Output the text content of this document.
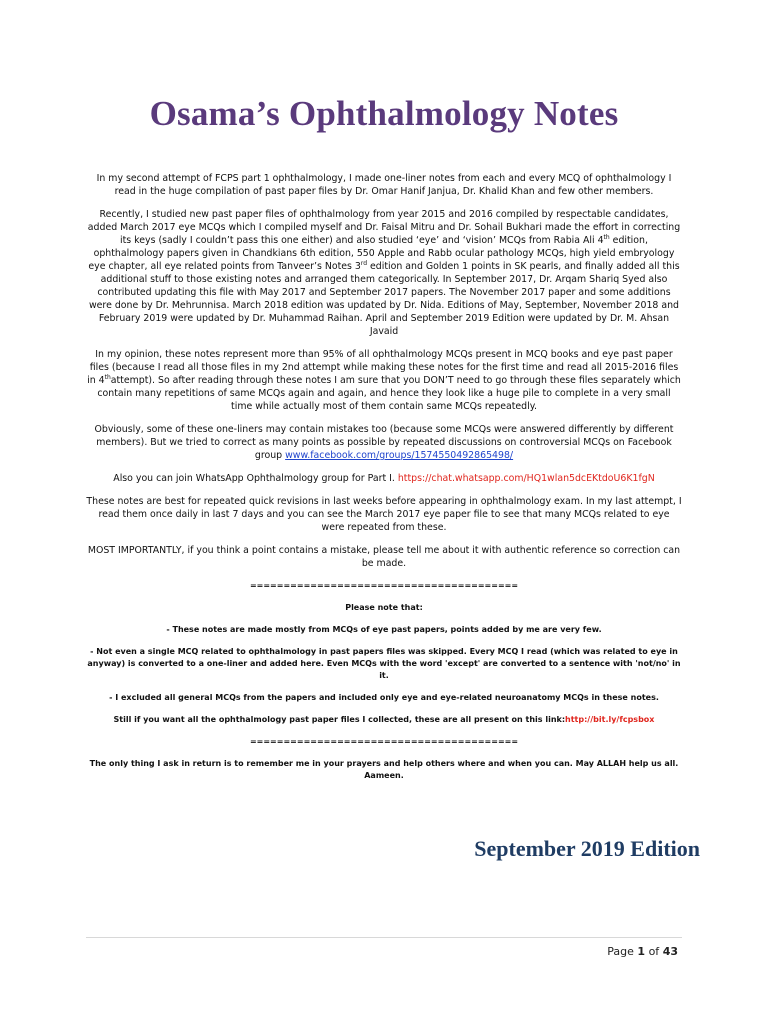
Osama’s Ophthalmology Notes

In my second attempt of FCPS part 1 ophthalmology, I made one-liner notes from each and every MCQ of ophthalmology I read in the huge compilation of past paper files by Dr. Omar Hanif Janjua, Dr. Khalid Khan and few other members.

Recently, I studied new past paper files of ophthalmology from year 2015 and 2016 compiled by respectable candidates, added March 2017 eye MCQs which I compiled myself and Dr. Faisal Mitru and Dr. Sohail Bukhari made the effort in correcting its keys (sadly I couldn’t pass this one either) and also studied ‘eye’ and ‘vision’ MCQs from Rabia Ali 4th edition, ophthalmology papers given in Chandkians 6th edition, 550 Apple and Rabb ocular pathology MCQs, high yield embryology eye chapter, all eye related points from Tanveer’s Notes 3rd edition and Golden 1 points in SK pearls, and finally added all this additional stuff to those existing notes and arranged them categorically. In September 2017, Dr. Arqam Shariq Syed also contributed updating this file with May 2017 and September 2017 papers. The November 2017 paper and some additions were done by Dr. Mehrunnisa. March 2018 edition was updated by Dr. Nida. Editions of May, September, November 2018 and February 2019 were updated by Dr. Muhammad Raihan. April and September 2019 Edition were updated by Dr. M. Ahsan Javaid

In my opinion, these notes represent more than 95% of all ophthalmology MCQs present in MCQ books and eye past paper files (because I read all those files in my 2nd attempt while making these notes for the first time and read all 2015-2016 files in 4thattempt). So after reading through these notes I am sure that you DON’T need to go through these files separately which contain many repetitions of same MCQs again and again, and hence they look like a huge pile to complete in a very small time while actually most of them contain same MCQs repeatedly.

Obviously, some of these one-liners may contain mistakes too (because some MCQs were answered differently by different members). But we tried to correct as many points as possible by repeated discussions on controversial MCQs on Facebook group www.facebook.com/groups/1574550492865498/

Also you can join WhatsApp Ophthalmology group for Part I. https://chat.whatsapp.com/HQ1wlan5dcEKtdoU6K1fgN

These notes are best for repeated quick revisions in last weeks before appearing in ophthalmology exam. In my last attempt, I read them once daily in last 7 days and you can see the March 2017 eye paper file to see that many MCQs related to eye were repeated from these.

MOST IMPORTANTLY, if you think a point contains a mistake, please tell me about it with authentic reference so correction can be made.

========================================

Please note that:

- These notes are made mostly from MCQs of eye past papers, points added by me are very few.

- Not even a single MCQ related to ophthalmology in past papers files was skipped. Every MCQ I read (which was related to eye in anyway) is converted to a one-liner and added here. Even MCQs with the word 'except' are converted to a sentence with 'not/no' in it.

- I excluded all general MCQs from the papers and included only eye and eye-related neuroanatomy MCQs in these notes.

Still if you want all the ophthalmology past paper files I collected, these are all present on this link:http://bit.ly/fcpsbox

========================================

The only thing I ask in return is to remember me in your prayers and help others where and when you can. May ALLAH help us all. Aameen.

September 2019 Edition
Page 1 of 43
